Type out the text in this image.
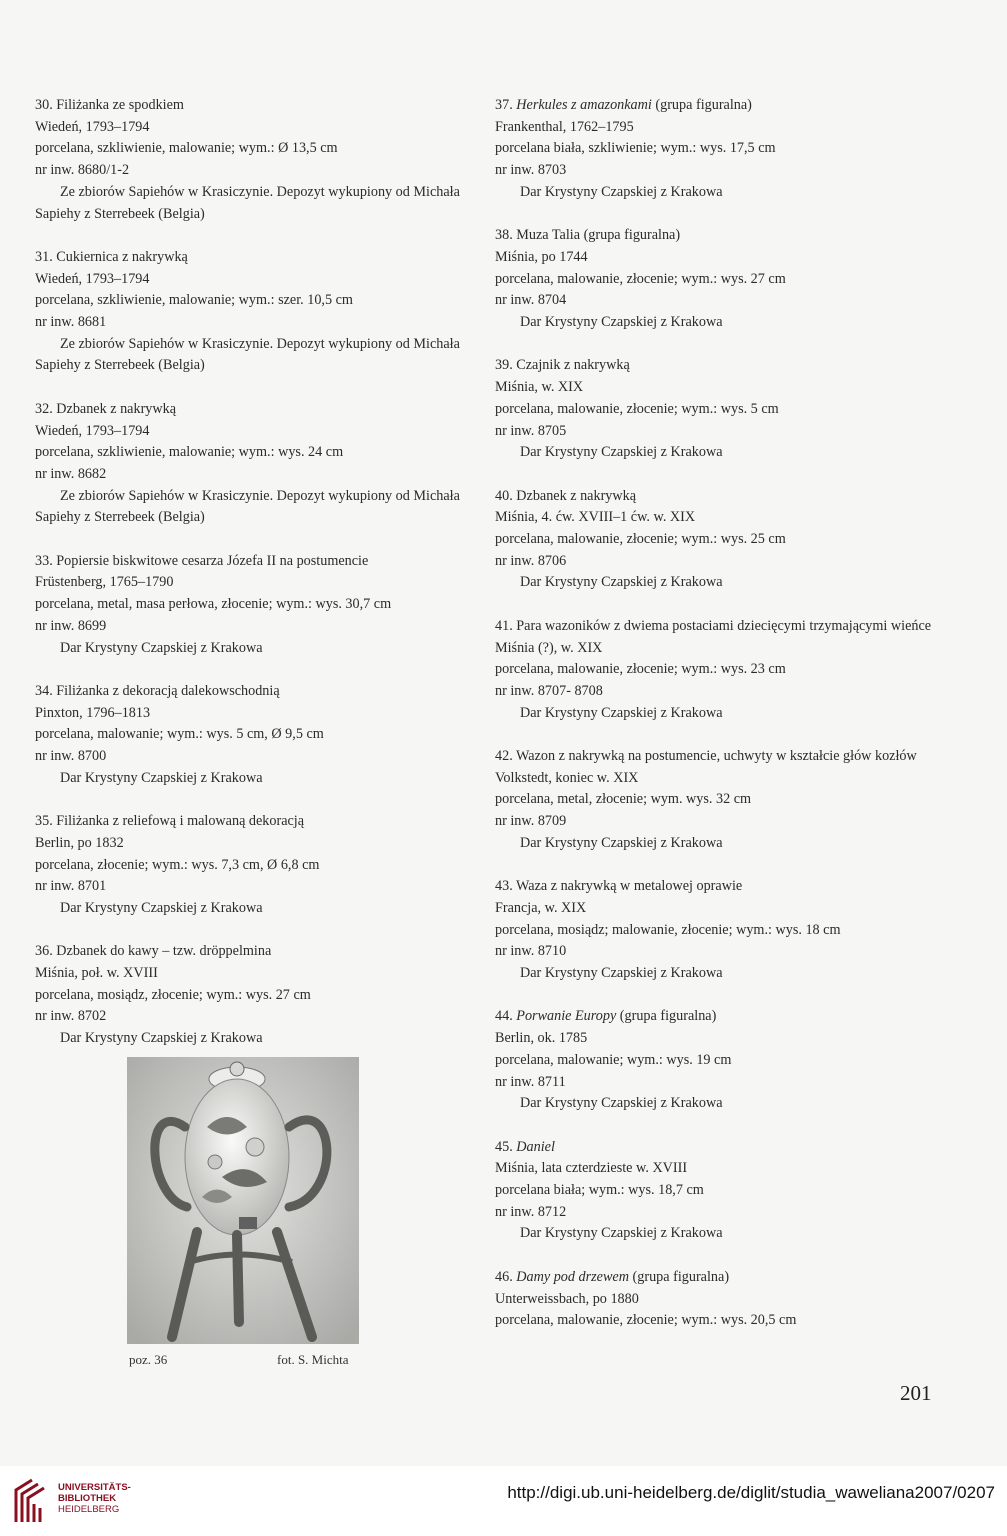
30. Filiżanka ze spodkiem

Wiedeń, 1793–1794

porcelana, szkliwienie, malowanie; wym.: Ø 13,5 cm

nr inw. 8680/1-2

Ze zbiorów Sapiehów w Krasiczynie. Depozyt wykupiony od Michała Sapiehy z Sterrebeek (Belgia)

31. Cukiernica z nakrywką

Wiedeń, 1793–1794

porcelana, szkliwienie, malowanie; wym.: szer. 10,5 cm

nr inw. 8681

Ze zbiorów Sapiehów w Krasiczynie. Depozyt wykupiony od Michała Sapiehy z Sterrebeek (Belgia)

32. Dzbanek z nakrywką

Wiedeń, 1793–1794

porcelana, szkliwienie, malowanie; wym.: wys. 24 cm

nr inw. 8682

Ze zbiorów Sapiehów w Krasiczynie. Depozyt wykupiony od Michała Sapiehy z Sterrebeek (Belgia)

33. Popiersie biskwitowe cesarza Józefa II na postumencie

Früstenberg, 1765–1790

porcelana, metal, masa perłowa, złocenie; wym.: wys. 30,7 cm

nr inw. 8699

Dar Krystyny Czapskiej z Krakowa

34. Filiżanka z dekoracją dalekowschodnią

Pinxton, 1796–1813

porcelana, malowanie; wym.: wys. 5 cm, Ø 9,5 cm

nr inw. 8700

Dar Krystyny Czapskiej z Krakowa

35. Filiżanka z reliefową i malowaną dekoracją

Berlin, po 1832

porcelana, złocenie; wym.: wys. 7,3 cm, Ø 6,8 cm

nr inw. 8701

Dar Krystyny Czapskiej z Krakowa

36. Dzbanek do kawy – tzw. dröppelmina

Miśnia, poł. w. XVIII

porcelana, mosiądz, złocenie; wym.: wys. 27 cm

nr inw. 8702

Dar Krystyny Czapskiej z Krakowa

poz. 36	fot. S. Michta

37. Herkules z amazonkami (grupa figuralna)

Frankenthal, 1762–1795

porcelana biała, szkliwienie; wym.: wys. 17,5 cm

nr inw. 8703

Dar Krystyny Czapskiej z Krakowa

38. Muza Talia (grupa figuralna)

Miśnia, po 1744

porcelana, malowanie, złocenie; wym.: wys. 27 cm

nr inw. 8704

Dar Krystyny Czapskiej z Krakowa

39. Czajnik z nakrywką

Miśnia, w. XIX

porcelana, malowanie, złocenie; wym.: wys. 5 cm

nr inw. 8705

Dar Krystyny Czapskiej z Krakowa

40. Dzbanek z nakrywką

Miśnia, 4. ćw. XVIII–1 ćw. w. XIX

porcelana, malowanie, złocenie; wym.: wys. 25 cm

nr inw. 8706

Dar Krystyny Czapskiej z Krakowa

41. Para wazoników z dwiema postaciami dziecięcymi trzymającymi wieńce

Miśnia (?), w. XIX

porcelana, malowanie, złocenie; wym.: wys. 23 cm

nr inw. 8707- 8708

Dar Krystyny Czapskiej z Krakowa

42. Wazon z nakrywką na postumencie, uchwyty w kształcie głów kozłów

Volkstedt, koniec w. XIX

porcelana, metal, złocenie; wym. wys. 32 cm

nr inw. 8709

Dar Krystyny Czapskiej z Krakowa

43. Waza z nakrywką w metalowej oprawie

Francja, w. XIX

porcelana, mosiądz; malowanie, złocenie; wym.: wys. 18 cm

nr inw. 8710

Dar Krystyny Czapskiej z Krakowa

44. Porwanie Europy (grupa figuralna)

Berlin, ok. 1785

porcelana, malowanie; wym.: wys. 19 cm

nr inw. 8711

Dar Krystyny Czapskiej z Krakowa

45. Daniel

Miśnia, lata czterdzieste w. XVIII

porcelana biała; wym.: wys. 18,7 cm

nr inw. 8712

Dar Krystyny Czapskiej z Krakowa

46. Damy pod drzewem (grupa figuralna)

Unterweissbach, po 1880

porcelana, malowanie, złocenie; wym.: wys. 20,5 cm

201
UNIVERSITÄTS-
BIBLIOTHEK
HEIDELBERG
http://digi.ub.uni-heidelberg.de/diglit/studia_waweliana2007/0207
